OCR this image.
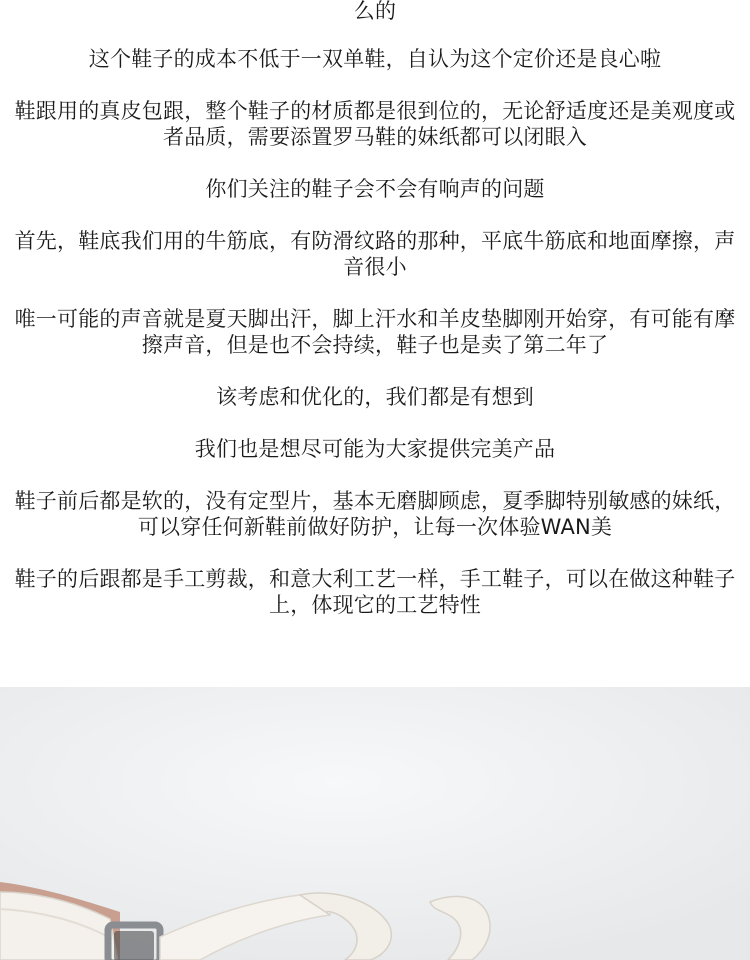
么的

这个鞋子的成本不低于一双单鞋，自认为这个定价还是良心啦

鞋跟用的真皮包跟，整个鞋子的材质都是很到位的，无论舒适度还是美观度或者品质，需要添置罗马鞋的妹纸都可以闭眼入

你们关注的鞋子会不会有响声的问题

首先，鞋底我们用的牛筋底，有防滑纹路的那种，平底牛筋底和地面摩擦，声音很小

唯一可能的声音就是夏天脚出汗，脚上汗水和羊皮垫脚刚开始穿，有可能有摩擦声音，但是也不会持续，鞋子也是卖了第二年了

该考虑和优化的，我们都是有想到

我们也是想尽可能为大家提供完美产品

鞋子前后都是软的，没有定型片，基本无磨脚顾虑，夏季脚特别敏感的妹纸，可以穿任何新鞋前做好防护，让每一次体验WAN美

鞋子的后跟都是手工剪裁，和意大利工艺一样，手工鞋子，可以在做这种鞋子上，体现它的工艺特性
